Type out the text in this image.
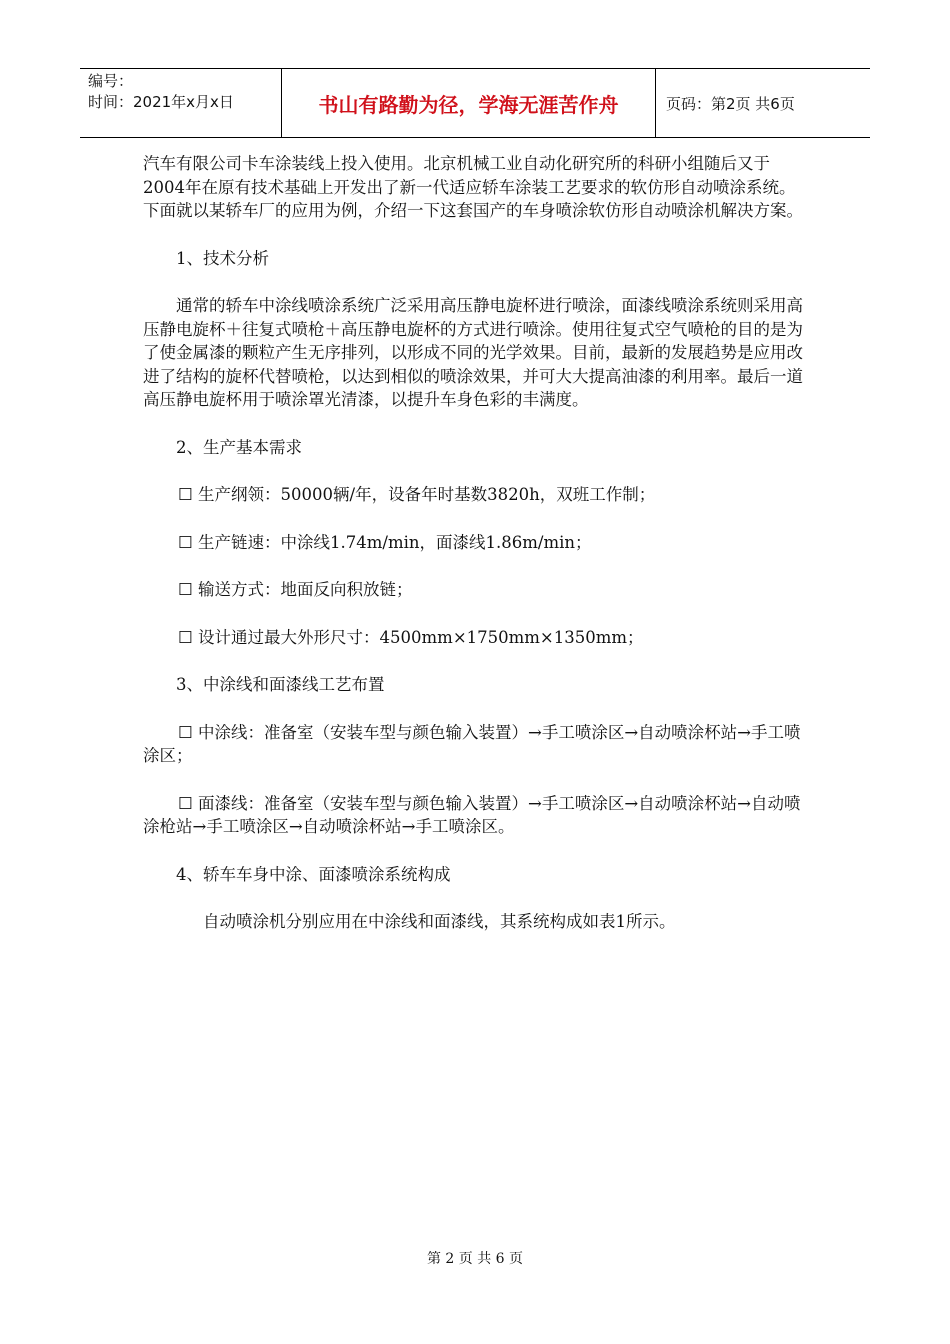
编号：
时间：2021年x月x日	书山有路勤为径，学海无涯苦作舟	页码：第2页 共6页

汽车有限公司卡车涂装线上投入使用。北京机械工业自动化研究所的科研小组随后又于2004年在原有技术基础上开发出了新一代适应轿车涂装工艺要求的软仿形自动喷涂系统。下面就以某轿车厂的应用为例，介绍一下这套国产的车身喷涂软仿形自动喷涂机解决方案。

1、技术分析

通常的轿车中涂线喷涂系统广泛采用高压静电旋杯进行喷涂，面漆线喷涂系统则采用高压静电旋杯＋往复式喷枪＋高压静电旋杯的方式进行喷涂。使用往复式空气喷枪的目的是为了使金属漆的颗粒产生无序排列，以形成不同的光学效果。目前，最新的发展趋势是应用改进了结构的旋杯代替喷枪，以达到相似的喷涂效果，并可大大提高油漆的利用率。最后一道高压静电旋杯用于喷涂罩光清漆，以提升车身色彩的丰满度。

2、生产基本需求

☐ 生产纲领：50000辆/年，设备年时基数3820h，双班工作制；

☐ 生产链速：中涂线1.74m/min，面漆线1.86m/min；

☐ 输送方式：地面反向积放链；

☐ 设计通过最大外形尺寸：4500mm×1750mm×1350mm；

3、中涂线和面漆线工艺布置

☐ 中涂线：准备室（安装车型与颜色输入装置）→手工喷涂区→自动喷涂杯站→手工喷涂区；

☐ 面漆线：准备室（安装车型与颜色输入装置）→手工喷涂区→自动喷涂杯站→自动喷涂枪站→手工喷涂区→自动喷涂杯站→手工喷涂区。

4、轿车车身中涂、面漆喷涂系统构成

自动喷涂机分别应用在中涂线和面漆线，其系统构成如表1所示。

第 2 页 共 6 页
